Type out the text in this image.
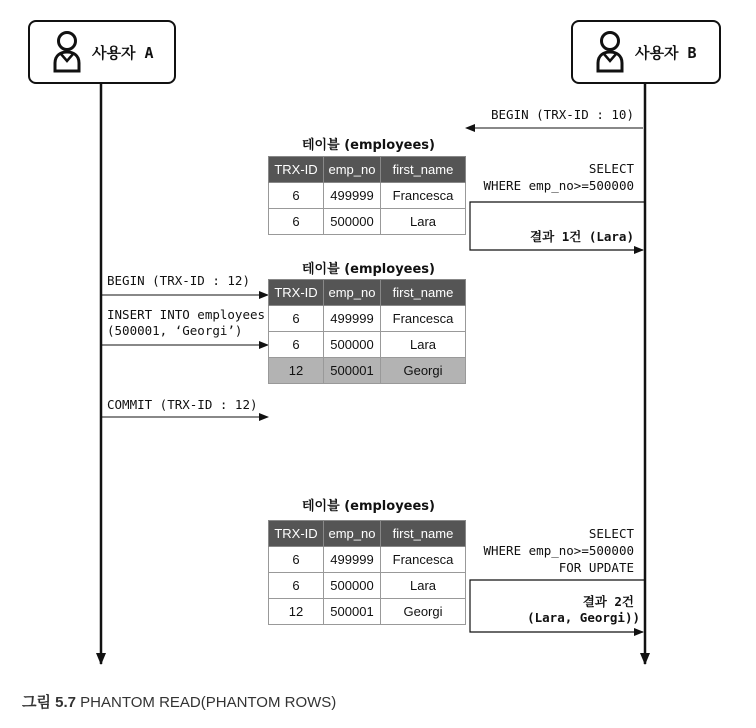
사용자 A	사용자 B
BEGIN (TRX-ID : 10)
SELECT
WHERE emp_no>=500000
결과 1건 (Lara)
테이블 (employees)
TRX-ID	emp_no	first_name
6	499999	Francesca
6	500000	Lara
테이블 (employees)
TRX-ID	emp_no	first_name
6	499999	Francesca
6	500000	Lara
12	500001	Georgi
BEGIN (TRX-ID : 12)
INSERT INTO employees
(500001, ‘Georgi’)
COMMIT (TRX-ID : 12)
테이블 (employees)
TRX-ID	emp_no	first_name
6	499999	Francesca
6	500000	Lara
12	500001	Georgi
SELECT
WHERE emp_no>=500000
FOR UPDATE
결과 2건
(Lara, Georgi))
그림 5.7 PHANTOM READ(PHANTOM ROWS)
